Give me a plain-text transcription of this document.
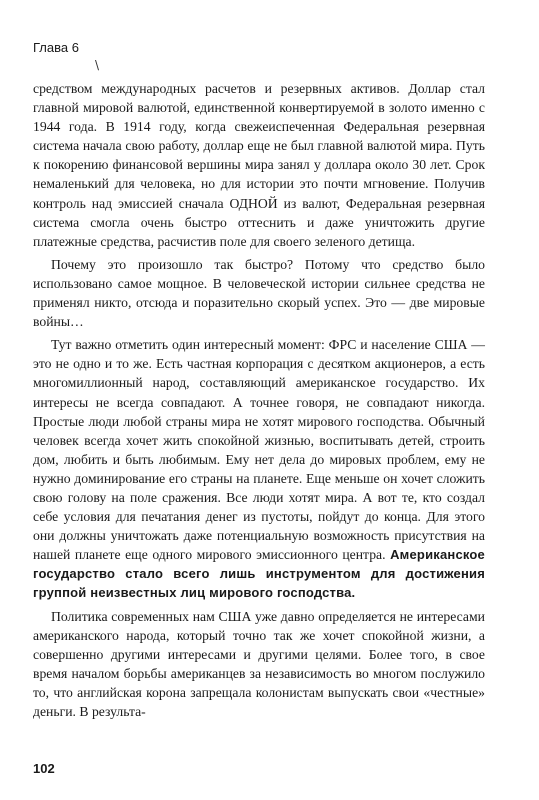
Глава 6
\

средством международных расчетов и резервных активов. Доллар стал главной мировой валютой, единственной конвертируемой в золото именно с 1944 года. В 1914 году, когда свежеиспеченная Федеральная резервная система начала свою работу, доллар еще не был главной валютой мира. Путь к покорению финансовой вершины мира занял у доллара около 30 лет. Срок немаленький для человека, но для истории это почти мгновение. Получив контроль над эмиссией сначала ОДНОЙ из валют, Федеральная резервная система смогла очень быстро оттеснить и даже уничтожить другие платежные средства, расчистив поле для своего зеленого детища.

Почему это произошло так быстро? Потому что средство было использовано самое мощное. В человеческой истории сильнее средства не применял никто, отсюда и поразительно скорый успех. Это — две мировые войны…

Тут важно отметить один интересный момент: ФРС и население США — это не одно и то же. Есть частная корпорация с десятком акционеров, а есть многомиллионный народ, составляющий американское государство. Их интересы не всегда совпадают. А точнее говоря, не совпадают никогда. Простые люди любой страны мира не хотят мирового господства. Обычный человек всегда хочет жить спокойной жизнью, воспитывать детей, строить дом, любить и быть любимым. Ему нет дела до мировых проблем, ему не нужно доминирование его страны на планете. Еще меньше он хочет сложить свою голову на поле сражения. Все люди хотят мира. А вот те, кто создал себе условия для печатания денег из пустоты, пойдут до конца. Для этого они должны уничтожать даже потенциальную возможность присутствия на нашей планете еще одного мирового эмиссионного центра. Американское государство стало всего лишь инструментом для достижения группой неизвестных лиц мирового господства.

Политика современных нам США уже давно определяется не интересами американского народа, который точно так же хочет спокойной жизни, а совершенно другими интересами и другими целями. Более того, в свое время началом борьбы американцев за независимость во многом послужило то, что английская корона запрещала колонистам выпускать свои «честные» деньги. В результа-

102
